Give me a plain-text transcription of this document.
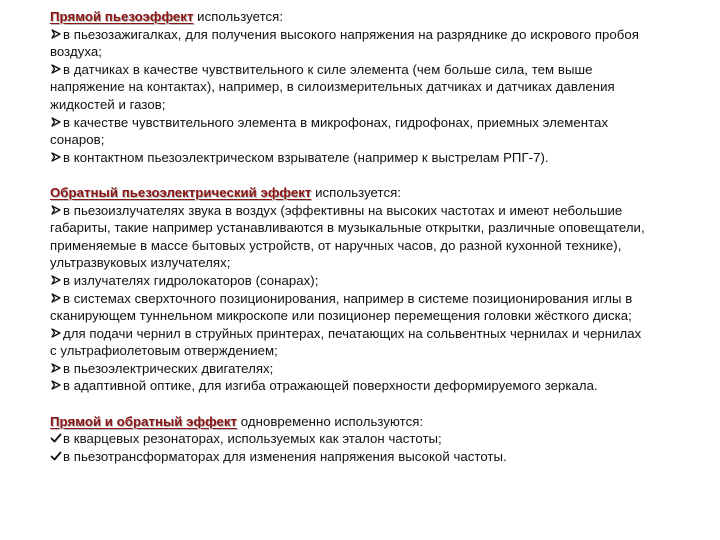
Прямой пьезоэффект используется:

в пьезозажигалках, для получения высокого напряжения на разряднике до искрового пробоя воздуха;

в датчиках в качестве чувствительного к силе элемента (чем больше сила, тем выше напряжение на контактах), например, в силоизмерительных датчиках и датчиках давления жидкостей и газов;

в качестве чувствительного элемента в микрофонах, гидрофонах, приемных элементах сонаров;

в контактном пьезоэлектрическом взрывателе (например к выстрелам РПГ-7).

Обратный пьезоэлектрический эффект используется:

в пьезоизлучателях звука в воздух (эффективны на высоких частотах и имеют небольшие габариты, такие например устанавливаются в музыкальные открытки, различные оповещатели, применяемые в массе бытовых устройств, от наручных часов, до разной кухонной технике), ультразвуковых излучателях;

в излучателях гидролокаторов (сонарах);

в системах сверхточного позиционирования, например в системе позиционирования иглы в сканирующем туннельном микроскопе или позиционер перемещения головки жёсткого диска;

для подачи чернил в струйных принтерах, печатающих на сольвентных чернилах и чернилах с ультрафиолетовым отверждением;

в пьезоэлектрических двигателях;

в адаптивной оптике, для изгиба отражающей поверхности деформируемого зеркала.

Прямой и обратный эффект одновременно используются:

в кварцевых резонаторах, используемых как эталон частоты;

в пьезотрансформаторах для изменения напряжения высокой частоты.
